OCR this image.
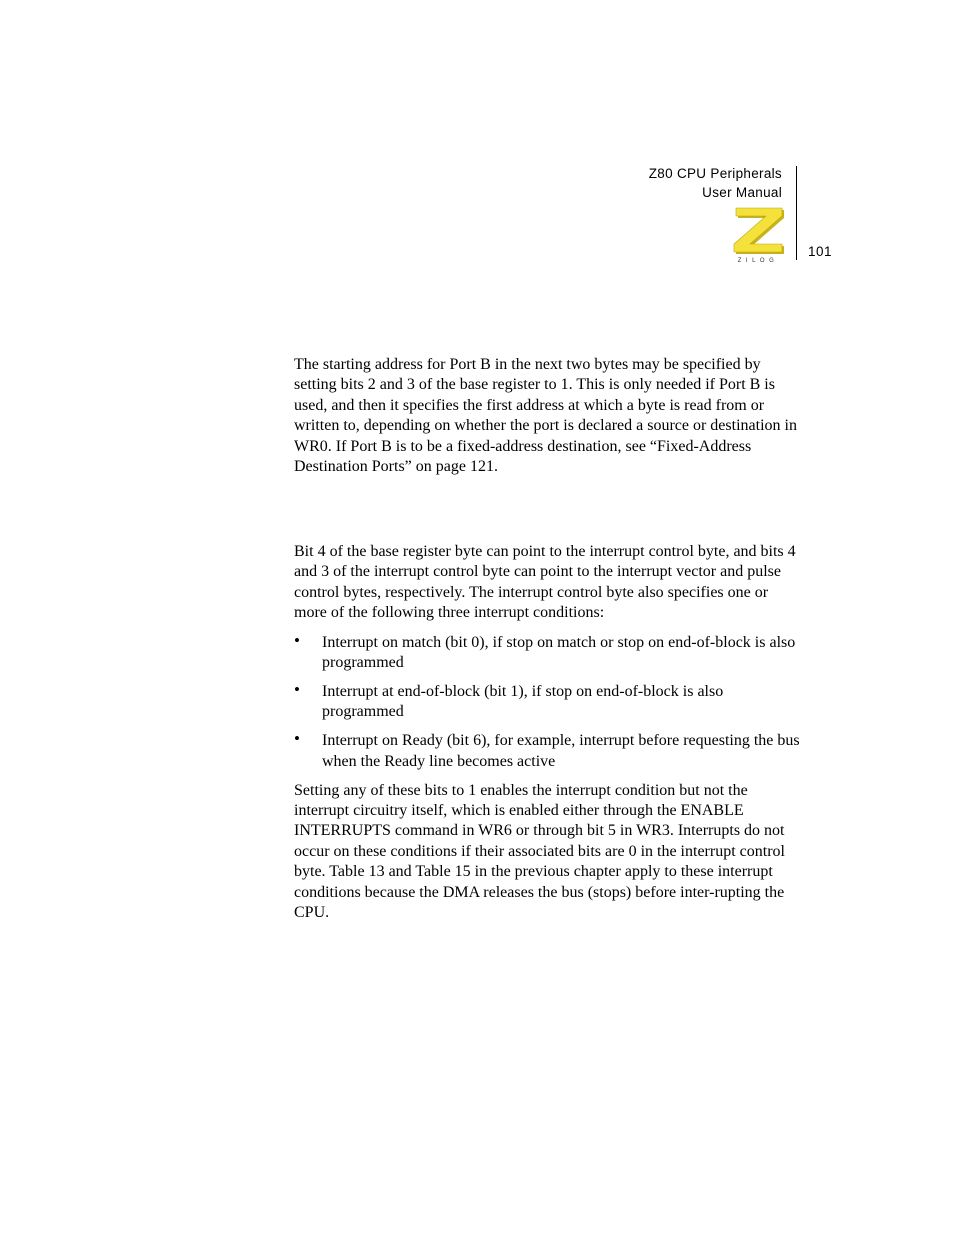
Z80 CPU Peripherals
User Manual
ZILOG
101

The starting address for Port B in the next two bytes may be specified by setting bits 2 and 3 of the base register to 1. This is only needed if Port B is used, and then it specifies the first address at which a byte is read from or written to, depending on whether the port is declared a source or destination in WR0. If Port B is to be a fixed-address destination, see “Fixed-Address Destination Ports” on page 121.

Bit 4 of the base register byte can point to the interrupt control byte, and bits 4 and 3 of the interrupt control byte can point to the interrupt vector and pulse control bytes, respectively. The interrupt control byte also specifies one or more of the following three interrupt conditions:

• Interrupt on match (bit 0), if stop on match or stop on end-of-block is also programmed
• Interrupt at end-of-block (bit 1), if stop on end-of-block is also programmed
• Interrupt on Ready (bit 6), for example, interrupt before requesting the bus when the Ready line becomes active

Setting any of these bits to 1 enables the interrupt condition but not the interrupt circuitry itself, which is enabled either through the ENABLE INTERRUPTS command in WR6 or through bit 5 in WR3. Interrupts do not occur on these conditions if their associated bits are 0 in the interrupt control byte. Table 13 and Table 15 in the previous chapter apply to these interrupt conditions because the DMA releases the bus (stops) before inter-rupting the CPU.
